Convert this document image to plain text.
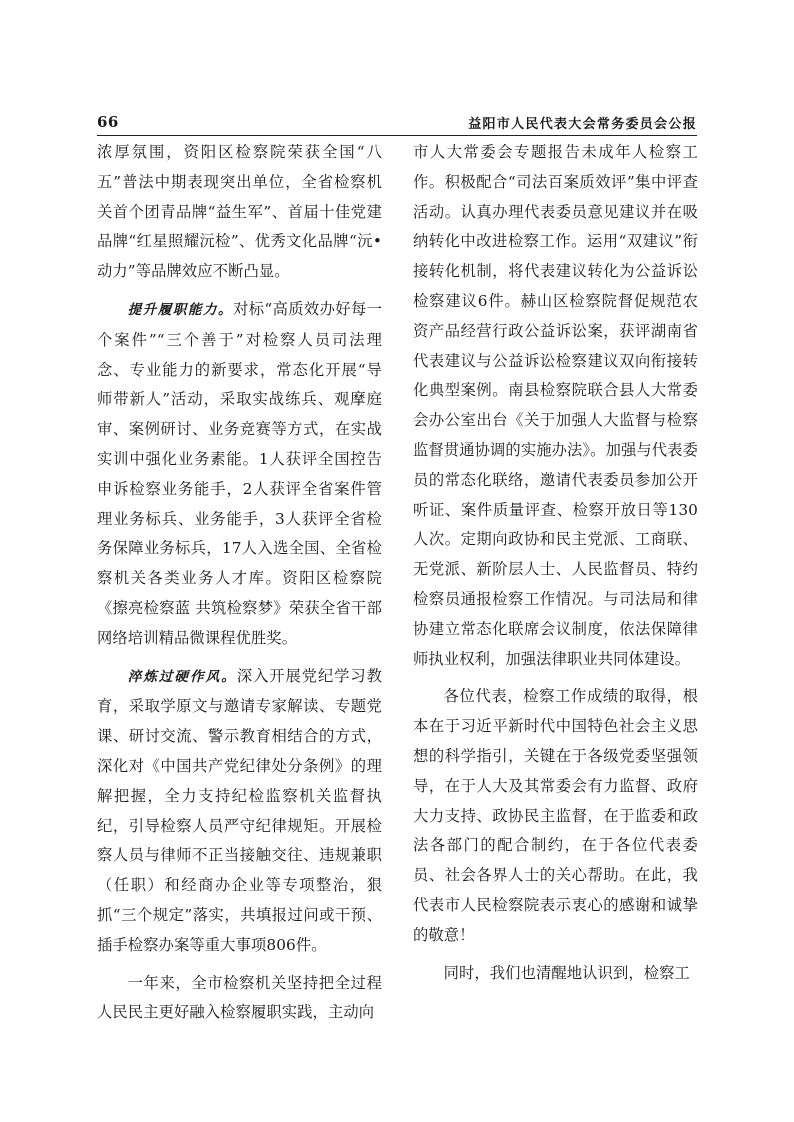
66	益阳市人民代表大会常务委员会公报

浓厚氛围，资阳区检察院荣获全国“八五”普法中期表现突出单位，全省检察机关首个团青品牌“益生军”、首届十佳党建品牌“红星照耀沅检”、优秀文化品牌“沅•动力”等品牌效应不断凸显。

提升履职能力。对标“高质效办好每一个案件”“三个善于”对检察人员司法理念、专业能力的新要求，常态化开展“导师带新人”活动，采取实战练兵、观摩庭审、案例研讨、业务竞赛等方式，在实战实训中强化业务素能。1人获评全国控告申诉检察业务能手，2人获评全省案件管理业务标兵、业务能手，3人获评全省检务保障业务标兵，17人入选全国、全省检察机关各类业务人才库。资阳区检察院《擦亮检察蓝 共筑检察梦》荣获全省干部网络培训精品微课程优胜奖。

淬炼过硬作风。深入开展党纪学习教育，采取学原文与邀请专家解读、专题党课、研讨交流、警示教育相结合的方式，深化对《中国共产党纪律处分条例》的理解把握，全力支持纪检监察机关监督执纪，引导检察人员严守纪律规矩。开展检察人员与律师不正当接触交往、违规兼职（任职）和经商办企业等专项整治，狠抓“三个规定”落实，共填报过问或干预、插手检察办案等重大事项806件。

一年来，全市检察机关坚持把全过程人民民主更好融入检察履职实践，主动向

市人大常委会专题报告未成年人检察工作。积极配合“司法百案质效评”集中评查活动。认真办理代表委员意见建议并在吸纳转化中改进检察工作。运用“双建议”衔接转化机制，将代表建议转化为公益诉讼检察建议6件。赫山区检察院督促规范农资产品经营行政公益诉讼案，获评湖南省代表建议与公益诉讼检察建议双向衔接转化典型案例。南县检察院联合县人大常委会办公室出台《关于加强人大监督与检察监督贯通协调的实施办法》。加强与代表委员的常态化联络，邀请代表委员参加公开听证、案件质量评查、检察开放日等130人次。定期向政协和民主党派、工商联、无党派、新阶层人士、人民监督员、特约检察员通报检察工作情况。与司法局和律协建立常态化联席会议制度，依法保障律师执业权利，加强法律职业共同体建设。

各位代表，检察工作成绩的取得，根本在于习近平新时代中国特色社会主义思想的科学指引，关键在于各级党委坚强领导，在于人大及其常委会有力监督、政府大力支持、政协民主监督，在于监委和政法各部门的配合制约，在于各位代表委员、社会各界人士的关心帮助。在此，我代表市人民检察院表示衷心的感谢和诚挚的敬意！

同时，我们也清醒地认识到，检察工
